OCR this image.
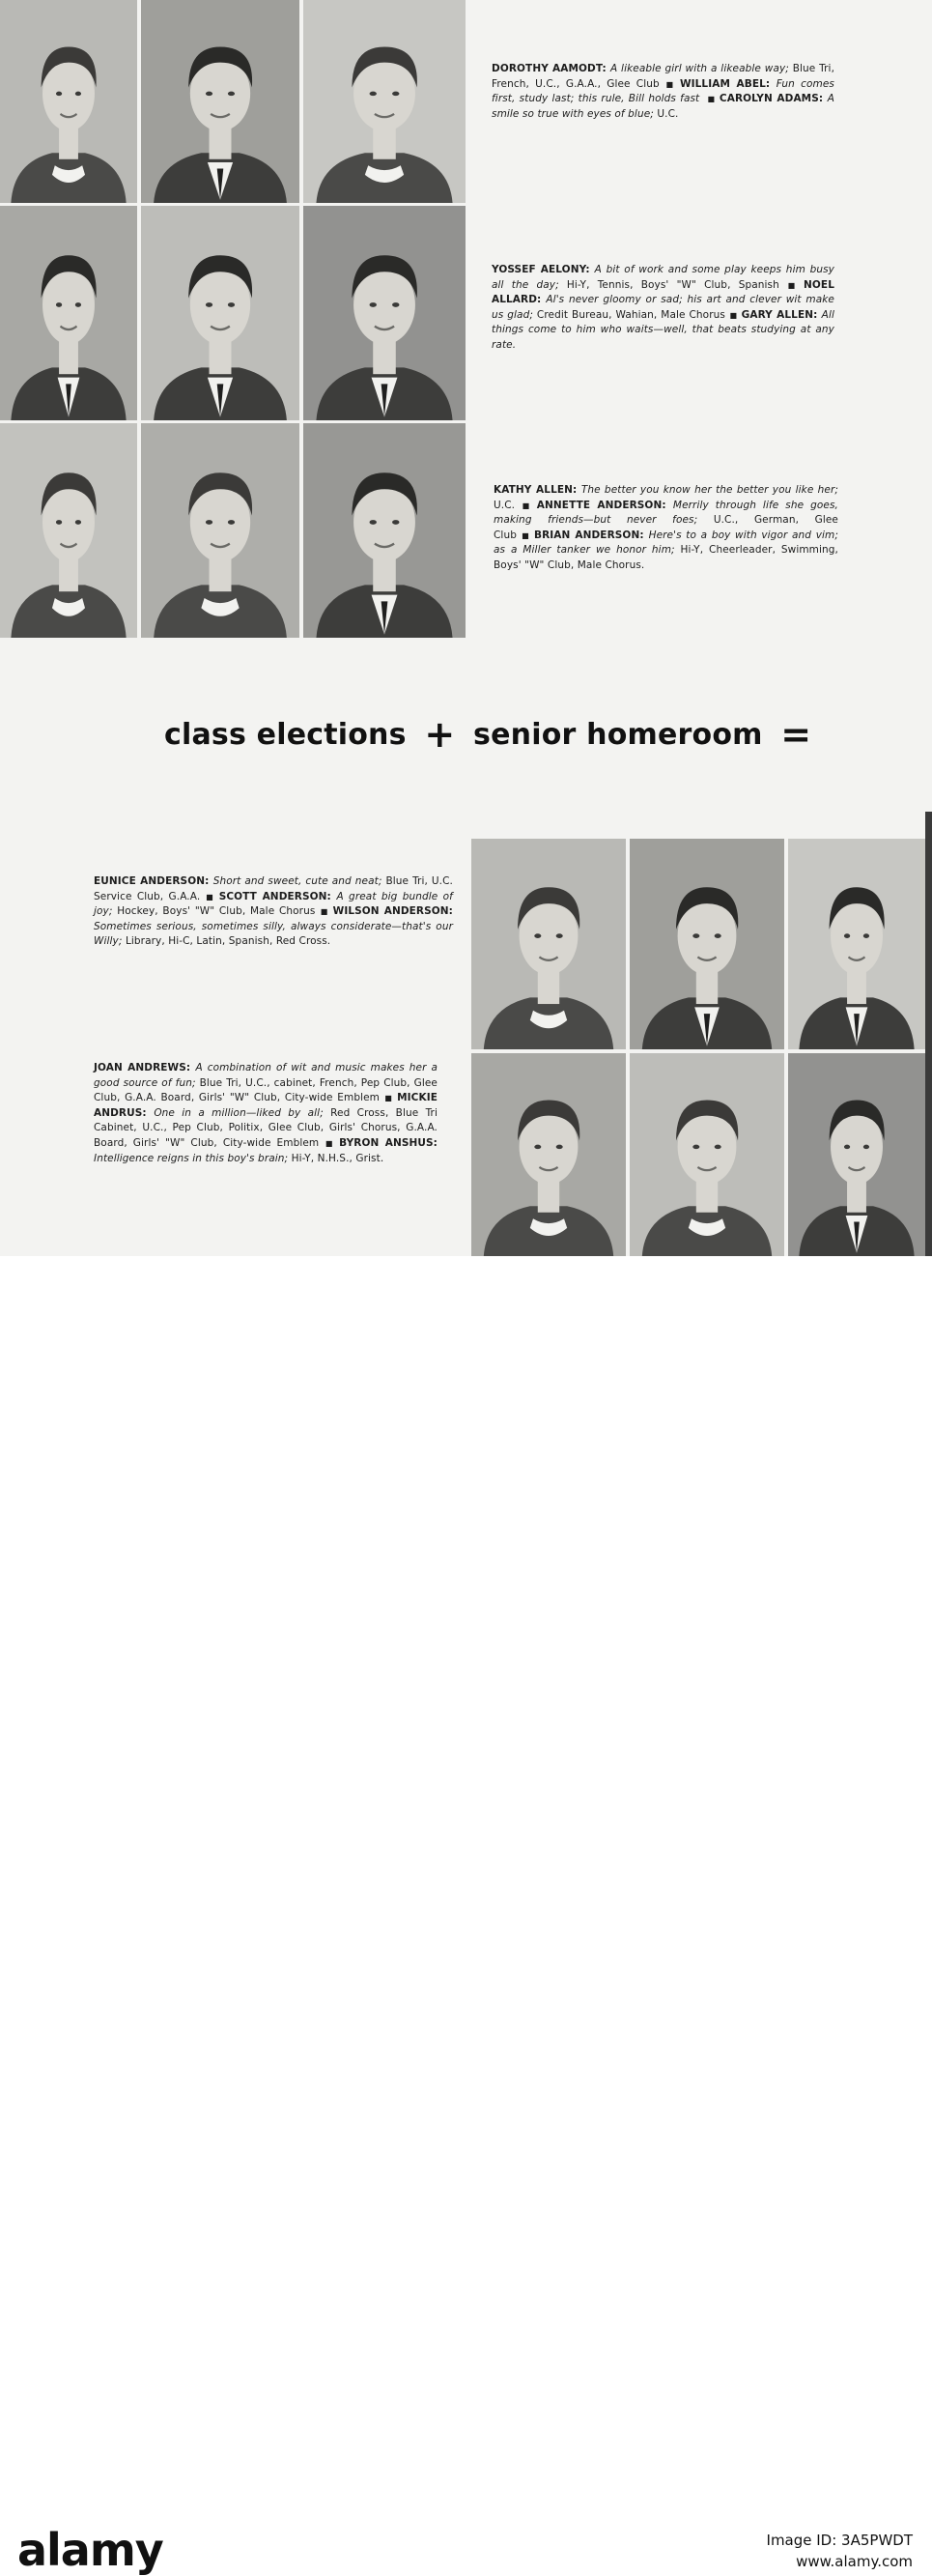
DOROTHY AAMODT: A likeable girl with a likeable way; Blue Tri, French, U.C., G.A.A., Glee Club ■ WILLIAM ABEL: Fun comes first, study last; this rule, Bill holds fast ■ CAROLYN ADAMS: A smile so true with eyes of blue; U.C.
YOSSEF AELONY: A bit of work and some play keeps him busy all the day; Hi-Y, Tennis, Boys' "W" Club, Spanish ■ NOEL ALLARD: Al's never gloomy or sad; his art and clever wit make us glad; Credit Bureau, Wahian, Male Chorus ■ GARY ALLEN: All things come to him who waits—well, that beats studying at any rate.
KATHY ALLEN: The better you know her the better you like her; U.C. ■ ANNETTE ANDERSON: Merrily through life she goes, making friends—but never foes; U.C., German, Glee Club ■ BRIAN ANDERSON: Here's to a boy with vigor and vim; as a Miller tanker we honor him; Hi-Y, Cheerleader, Swimming, Boys' "W" Club, Male Chorus.
class elections + senior homeroom =
EUNICE ANDERSON: Short and sweet, cute and neat; Blue Tri, U.C. Service Club, G.A.A. ■ SCOTT ANDERSON: A great big bundle of joy; Hockey, Boys' "W" Club, Male Chorus ■ WILSON ANDERSON: Sometimes serious, sometimes silly, always considerate—that's our Willy; Library, Hi-C, Latin, Spanish, Red Cross.
JOAN ANDREWS: A combination of wit and music makes her a good source of fun; Blue Tri, U.C., cabinet, French, Pep Club, Glee Club, G.A.A. Board, Girls' "W" Club, City-wide Emblem ■ MICKIE ANDRUS: One in a million—liked by all; Red Cross, Blue Tri Cabinet, U.C., Pep Club, Politix, Glee Club, Girls' Chorus, G.A.A. Board, Girls' "W" Club, City-wide Emblem ■ BYRON ANSHUS: Intelligence reigns in this boy's brain; Hi-Y, N.H.S., Grist.
alamy	Image ID: 3A5PWDT
www.alamy.com
